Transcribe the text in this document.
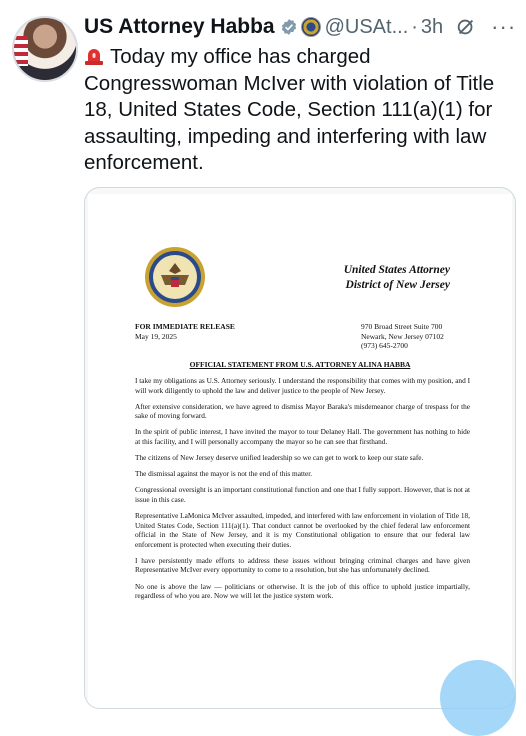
US Attorney Habba	@USAt... · 3h ···
Today my office has charged Congresswoman McIver with violation of Title 18, United States Code, Section 111(a)(1) for assaulting, impeding and interfering with law enforcement.
United States Attorney
District of New Jersey
FOR IMMEDIATE RELEASE
May 19, 2025
970 Broad Street Suite 700
Newark, New Jersey 07102
(973) 645-2700
OFFICIAL STATEMENT FROM U.S. ATTORNEY ALINA HABBA

I take my obligations as U.S. Attorney seriously. I understand the responsibility that comes with my position, and I will work diligently to uphold the law and deliver justice to the people of New Jersey.

After extensive consideration, we have agreed to dismiss Mayor Baraka's misdemeanor charge of trespass for the sake of moving forward.

In the spirit of public interest, I have invited the mayor to tour Delaney Hall. The government has nothing to hide at this facility, and I will personally accompany the mayor so he can see that firsthand.

The citizens of New Jersey deserve unified leadership so we can get to work to keep our state safe.

The dismissal against the mayor is not the end of this matter.

Congressional oversight is an important constitutional function and one that I fully support. However, that is not at issue in this case.

Representative LaMonica McIver assaulted, impeded, and interfered with law enforcement in violation of Title 18, United States Code, Section 111(a)(1). That conduct cannot be overlooked by the chief federal law enforcement official in the State of New Jersey, and it is my Constitutional obligation to ensure that our federal law enforcement is protected when executing their duties.

I have persistently made efforts to address these issues without bringing criminal charges and have given Representative McIver every opportunity to come to a resolution, but she has unfortunately declined.

No one is above the law — politicians or otherwise. It is the job of this office to uphold justice impartially, regardless of who you are. Now we will let the justice system work.
